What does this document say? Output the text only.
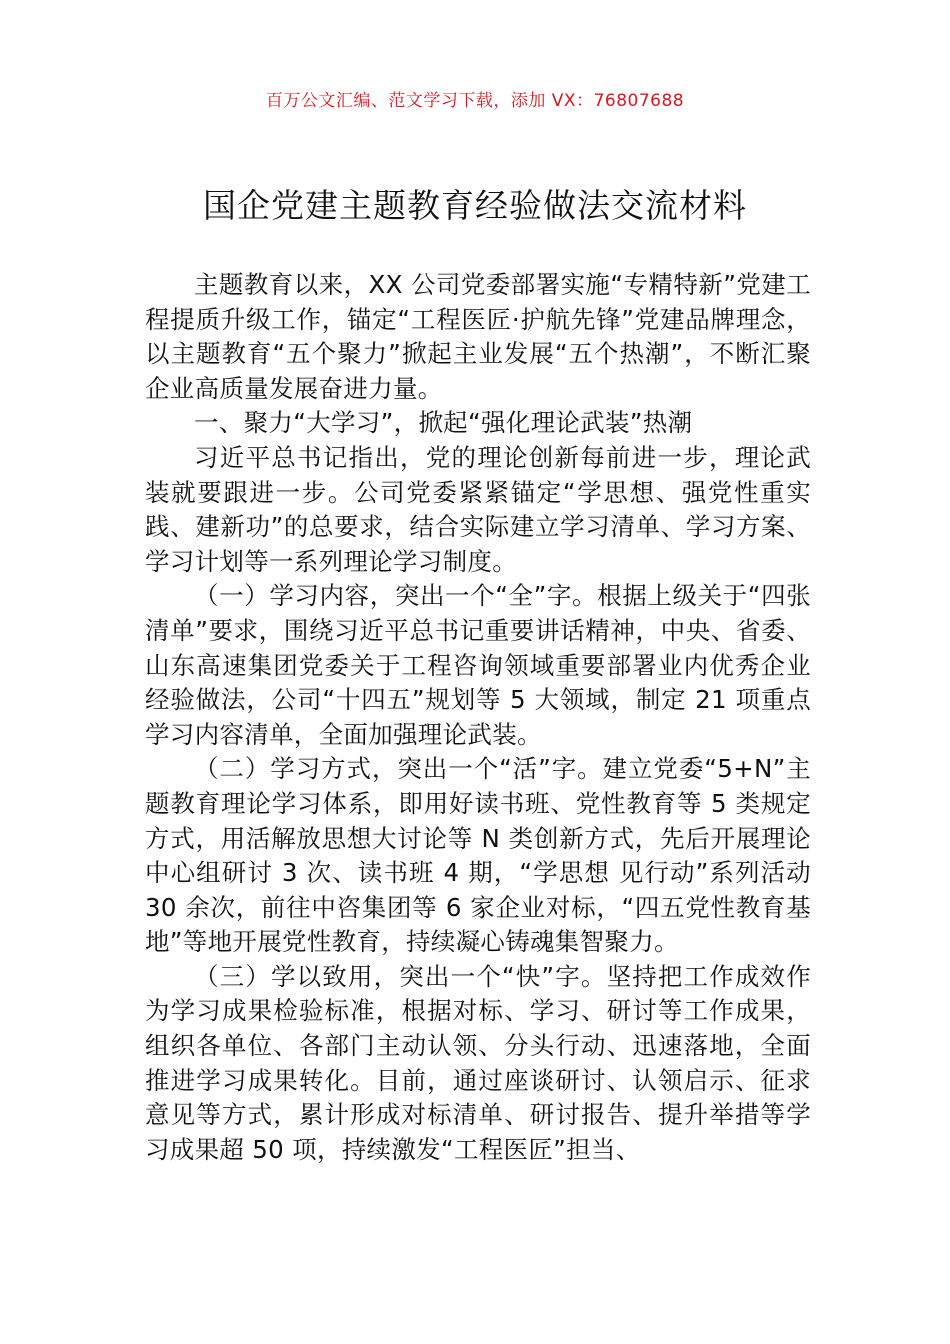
百万公文汇编、范文学习下载，添加 VX：76807688
国企党建主题教育经验做法交流材料

主题教育以来，XX 公司党委部署实施“专精特新”党建工程提质升级工作，锚定“工程医匠·护航先锋”党建品牌理念，以主题教育“五个聚力”掀起主业发展“五个热潮”，不断汇聚企业高质量发展奋进力量。

一、聚力“大学习”，掀起“强化理论武装”热潮

习近平总书记指出，党的理论创新每前进一步，理论武装就要跟进一步。公司党委紧紧锚定“学思想、强党性重实践、建新功”的总要求，结合实际建立学习清单、学习方案、学习计划等一系列理论学习制度。

（一）学习内容，突出一个“全”字。根据上级关于“四张清单”要求，围绕习近平总书记重要讲话精神，中央、省委、山东高速集团党委关于工程咨询领域重要部署业内优秀企业经验做法，公司“十四五”规划等 5 大领域，制定 21 项重点学习内容清单，全面加强理论武装。

（二）学习方式，突出一个“活”字。建立党委“5+N”主题教育理论学习体系，即用好读书班、党性教育等 5 类规定方式，用活解放思想大讨论等 N 类创新方式，先后开展理论中心组研讨 3 次、读书班 4 期，“学思想 见行动”系列活动 30 余次，前往中咨集团等 6 家企业对标，“四五党性教育基地”等地开展党性教育，持续凝心铸魂集智聚力。

（三）学以致用，突出一个“快”字。坚持把工作成效作为学习成果检验标准，根据对标、学习、研讨等工作成果，组织各单位、各部门主动认领、分头行动、迅速落地，全面推进学习成果转化。目前，通过座谈研讨、认领启示、征求意见等方式，累计形成对标清单、研讨报告、提升举措等学习成果超 50 项，持续激发“工程医匠”担当、
